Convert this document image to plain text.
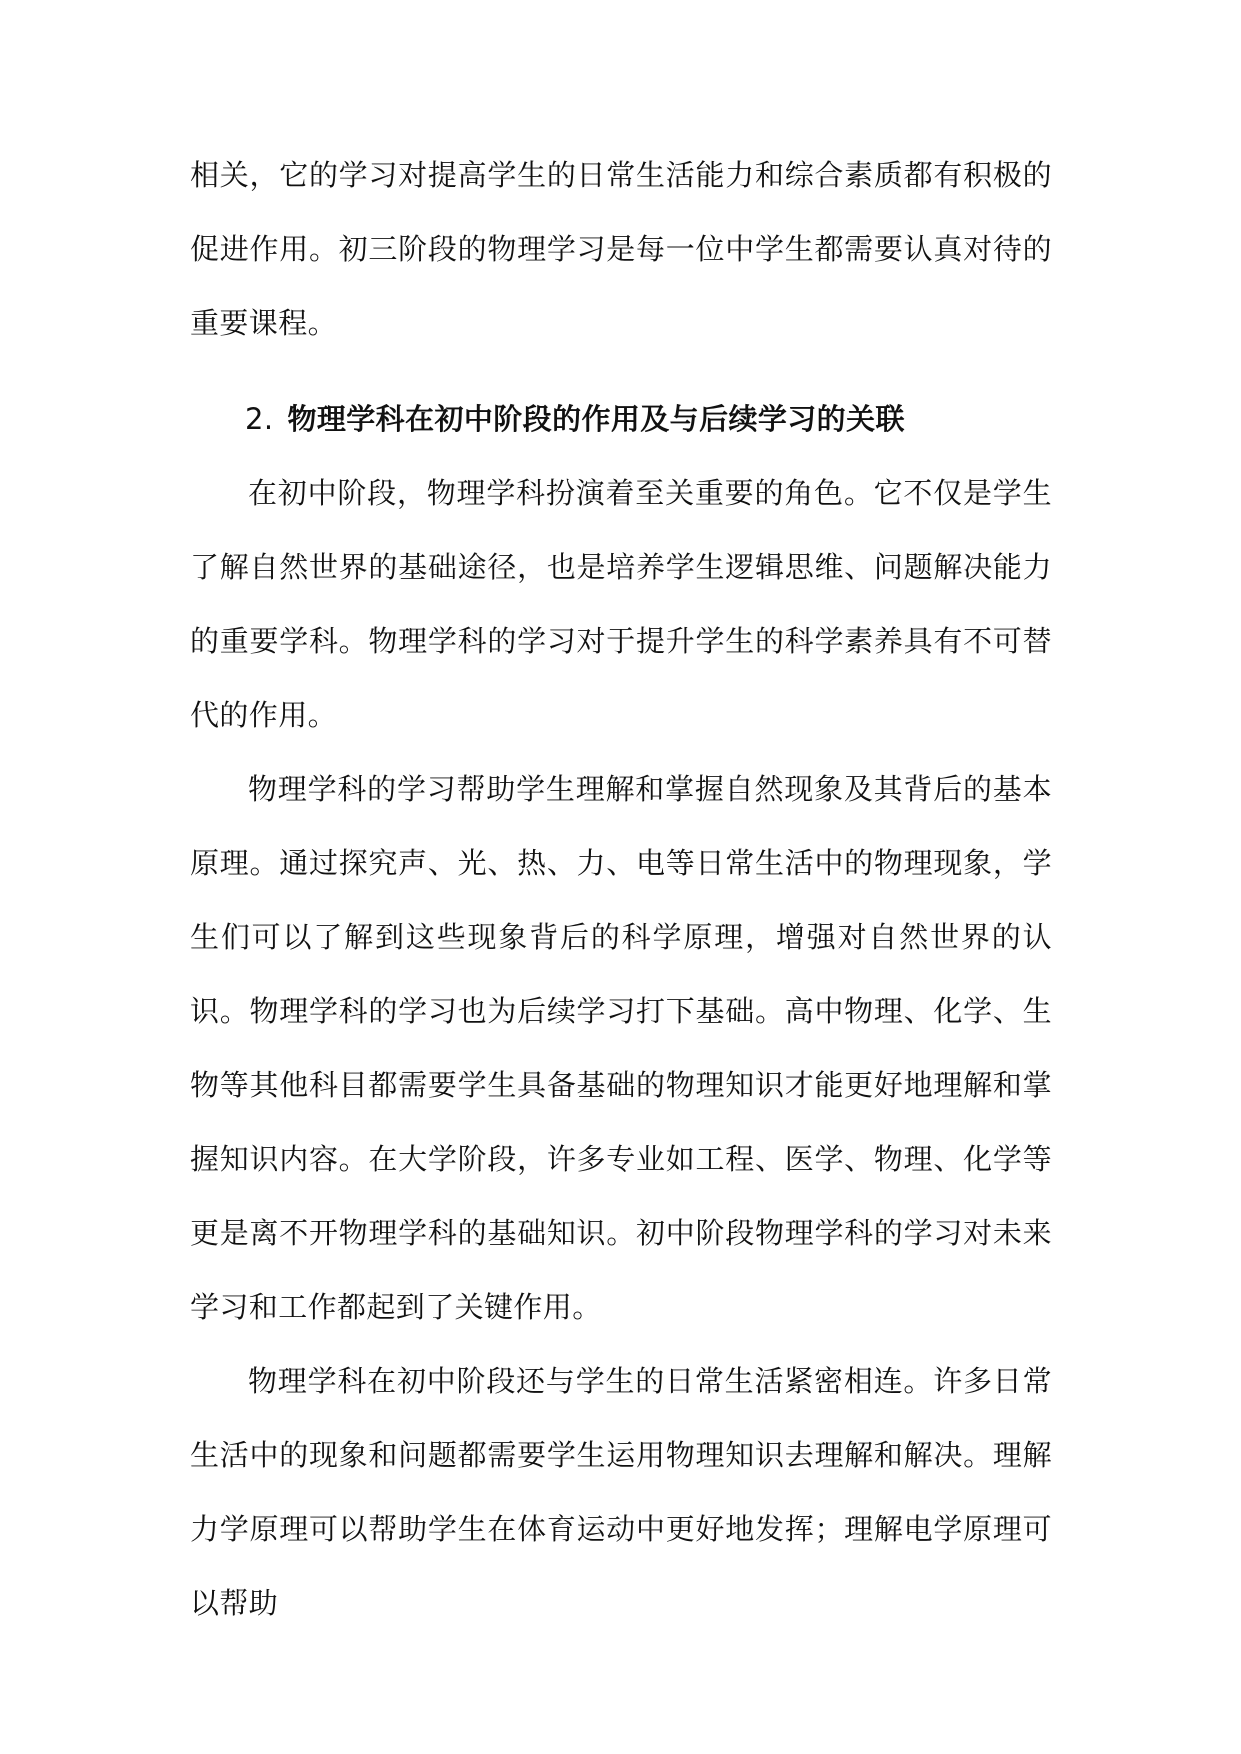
相关，它的学习对提高学生的日常生活能力和综合素质都有积极的促进作用。初三阶段的物理学习是每一位中学生都需要认真对待的重要课程。

2. 物理学科在初中阶段的作用及与后续学习的关联

在初中阶段，物理学科扮演着至关重要的角色。它不仅是学生了解自然世界的基础途径，也是培养学生逻辑思维、问题解决能力的重要学科。物理学科的学习对于提升学生的科学素养具有不可替代的作用。

物理学科的学习帮助学生理解和掌握自然现象及其背后的基本原理。通过探究声、光、热、力、电等日常生活中的物理现象，学生们可以了解到这些现象背后的科学原理，增强对自然世界的认识。物理学科的学习也为后续学习打下基础。高中物理、化学、生物等其他科目都需要学生具备基础的物理知识才能更好地理解和掌握知识内容。在大学阶段，许多专业如工程、医学、物理、化学等更是离不开物理学科的基础知识。初中阶段物理学科的学习对未来学习和工作都起到了关键作用。

物理学科在初中阶段还与学生的日常生活紧密相连。许多日常生活中的现象和问题都需要学生运用物理知识去理解和解决。理解力学原理可以帮助学生在体育运动中更好地发挥；理解电学原理可以帮助
